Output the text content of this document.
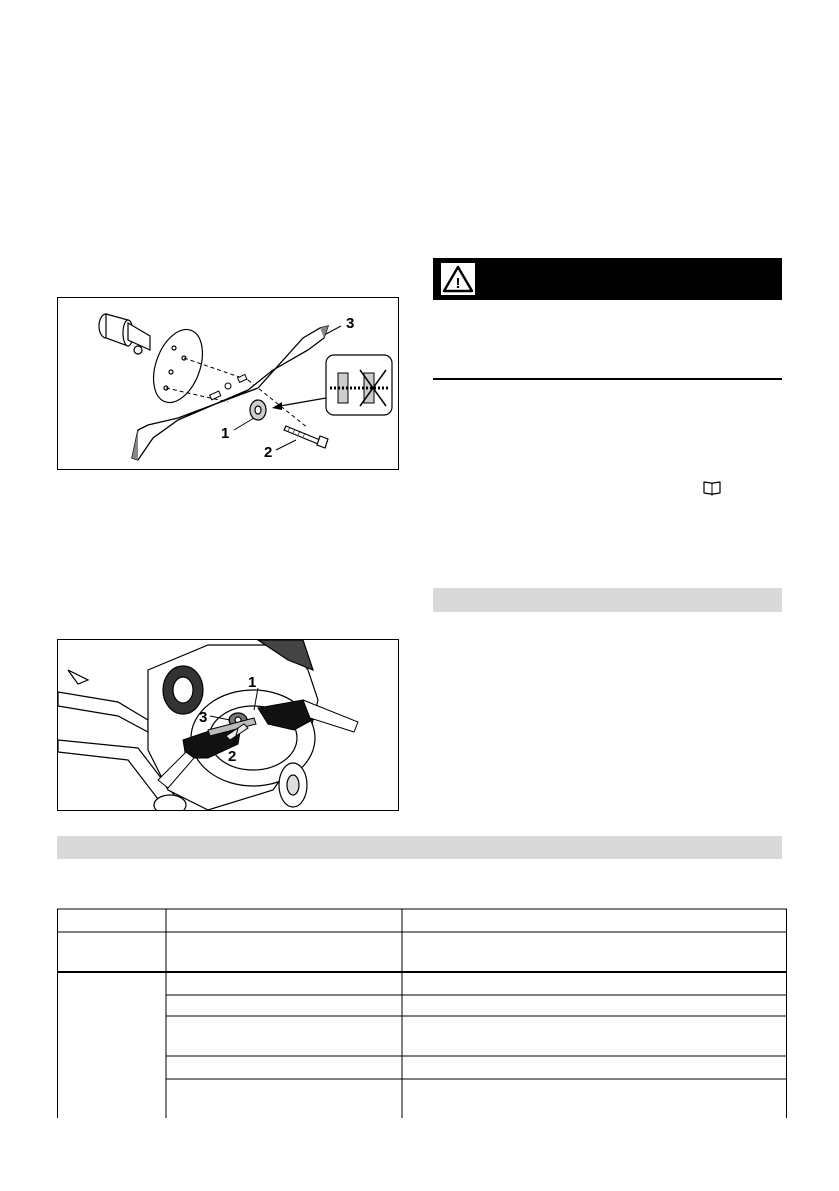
1
2
3
1
2
3
!
